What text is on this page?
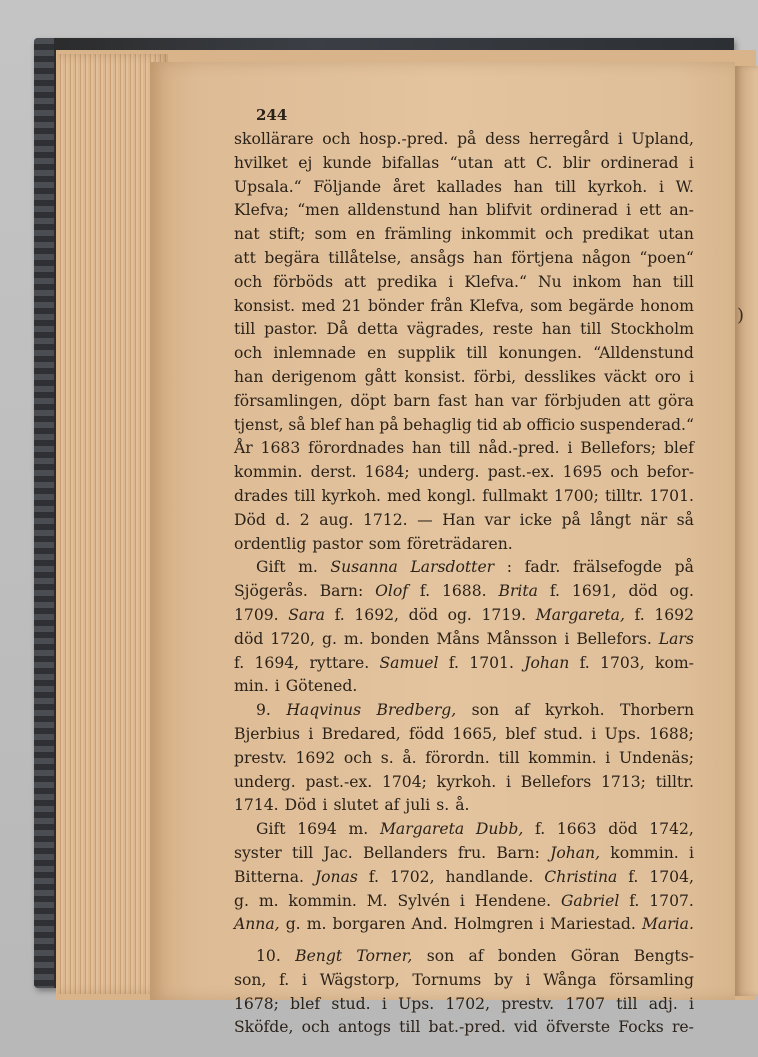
)
244
skollärare och hosp.-pred. på dess herregård i Upland,
hvilket ej kunde bifallas “utan att C. blir ordinerad i
Upsala.“ Följande året kallades han till kyrkoh. i W.
Klefva; “men alldenstund han blifvit ordinerad i ett an-
nat stift; som en främling inkommit och predikat utan
att begära tillåtelse, ansågs han förtjena någon “poen“
och förböds att predika i Klefva.“ Nu inkom han till
konsist. med 21 bönder från Klefva, som begärde honom
till pastor. Då detta vägrades, reste han till Stockholm
och inlemnade en supplik till konungen. “Alldenstund
han derigenom gått konsist. förbi, desslikes väckt oro i
församlingen, döpt barn fast han var förbjuden att göra
tjenst, så blef han på behaglig tid ab officio suspenderad.“
År 1683 förordnades han till nåd.-pred. i Bellefors; blef
kommin. derst. 1684; underg. past.-ex. 1695 och befor-
drades till kyrkoh. med kongl. fullmakt 1700; tilltr. 1701.
Död d. 2 aug. 1712. — Han var icke på långt när så
ordentlig pastor som företrädaren.
Gift m. Susanna Larsdotter : fadr. frälsefogde på
Sjögerås. Barn: Olof f. 1688. Brita f. 1691, död og.
1709. Sara f. 1692, död og. 1719. Margareta, f. 1692
död 1720, g. m. bonden Måns Månsson i Bellefors. Lars
f. 1694, ryttare. Samuel f. 1701. Johan f. 1703, kom-
min. i Götened.
9. Haqvinus Bredberg, son af kyrkoh. Thorbern
Bjerbius i Bredared, född 1665, blef stud. i Ups. 1688;
prestv. 1692 och s. å. förordn. till kommin. i Undenäs;
underg. past.-ex. 1704; kyrkoh. i Bellefors 1713; tilltr.
1714. Död i slutet af juli s. å.
Gift 1694 m. Margareta Dubb, f. 1663 död 1742,
syster till Jac. Bellanders fru. Barn: Johan, kommin. i
Bitterna. Jonas f. 1702, handlande. Christina f. 1704,
g. m. kommin. M. Sylvén i Hendene. Gabriel f. 1707.
Anna, g. m. borgaren And. Holmgren i Mariestad. Maria.
10. Bengt Torner, son af bonden Göran Bengts-
son, f. i Wägstorp, Tornums by i Wånga församling
1678; blef stud. i Ups. 1702, prestv. 1707 till adj. i
Sköfde, och antogs till bat.-pred. vid öfverste Focks re-
